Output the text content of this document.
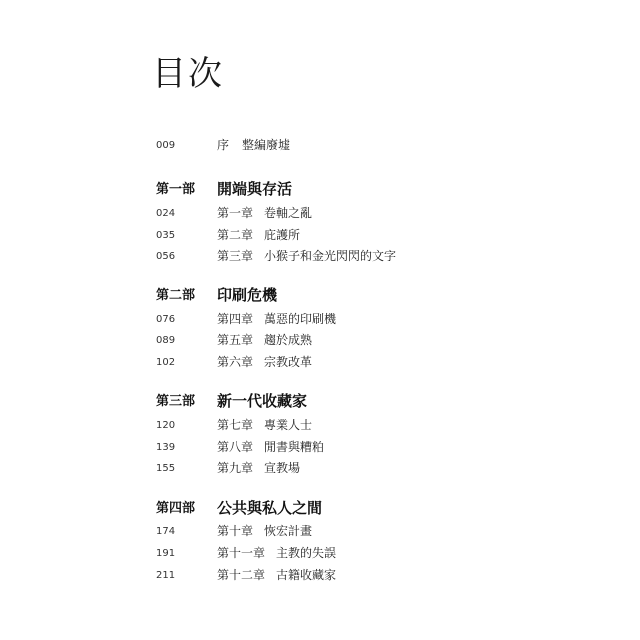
目次
009	序 整編廢墟
第一部 開端與存活
024	第一章 卷軸之亂
035	第二章 庇護所
056	第三章 小猴子和金光閃閃的文字
第二部 印刷危機
076	第四章 萬惡的印刷機
089	第五章 趨於成熟
102	第六章 宗教改革
第三部 新一代收藏家
120	第七章 專業人士
139	第八章 閒書與糟粕
155	第九章 宣教場
第四部 公共與私人之間
174	第十章 恢宏計畫
191	第十一章 主教的失誤
211	第十二章 古籍收藏家
